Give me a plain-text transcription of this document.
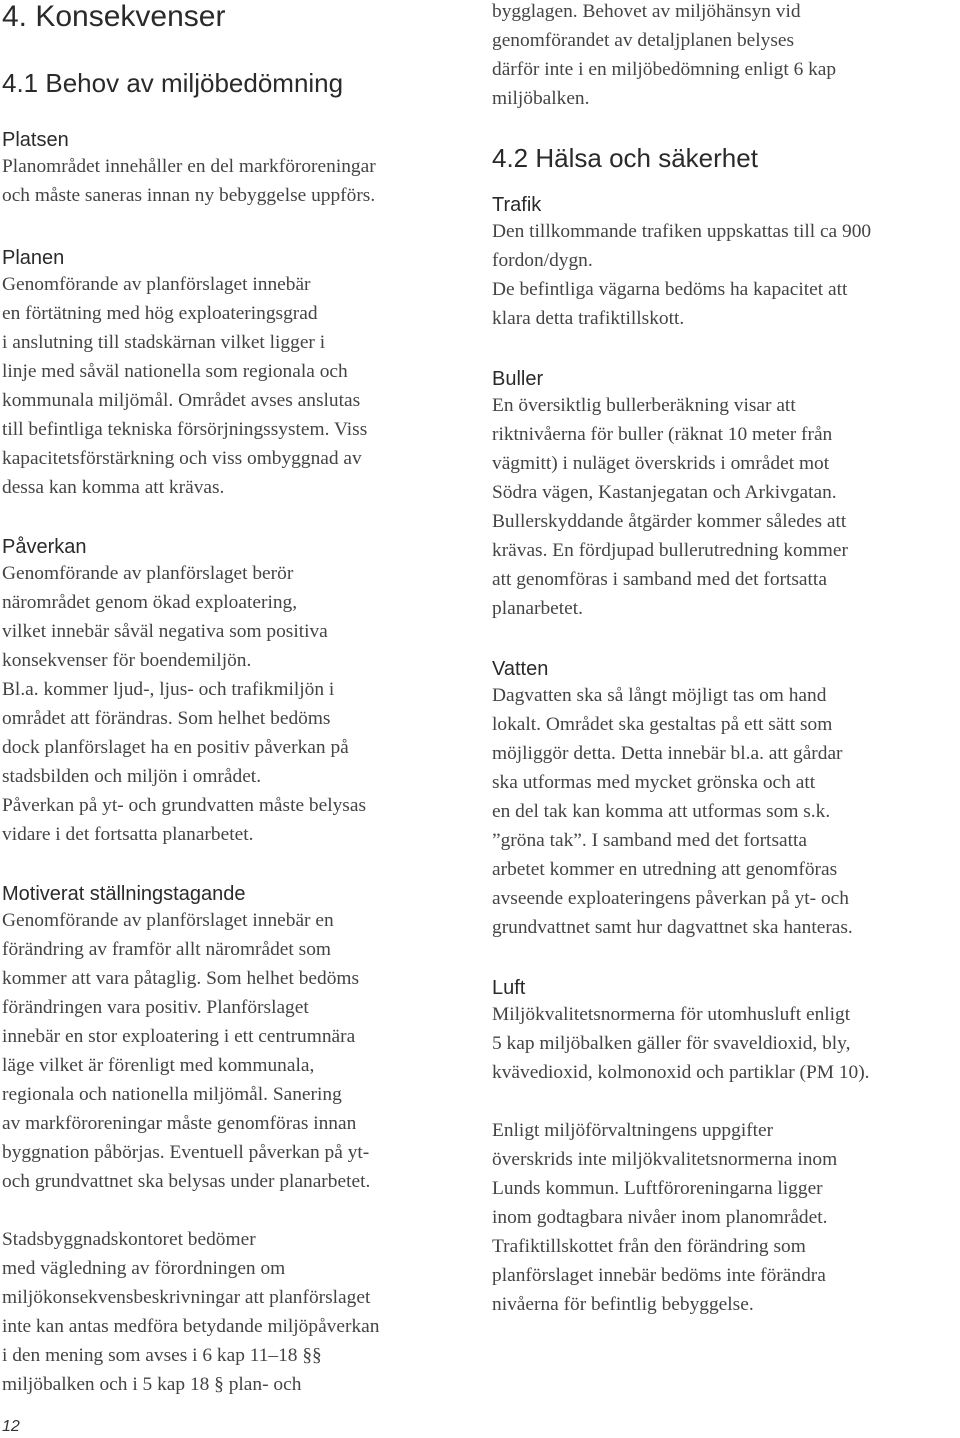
4. Konsekvenser
4.1 Behov av miljöbedömning
Platsen

Planområdet innehåller en del markföroreningar
och måste saneras innan ny bebyggelse uppförs.

Planen

Genomförande av planförslaget innebär
en förtätning med hög exploateringsgrad
i anslutning till stadskärnan vilket ligger i
linje med såväl nationella som regionala och
kommunala miljömål. Området avses anslutas
till befintliga tekniska försörjningssystem. Viss
kapacitetsförstärkning och viss ombyggnad av
dessa kan komma att krävas.

Påverkan

Genomförande av planförslaget berör
närområdet genom ökad exploatering,
vilket innebär såväl negativa som positiva
konsekvenser för boendemiljön.
Bl.a. kommer ljud-, ljus- och trafikmiljön i
området att förändras. Som helhet bedöms
dock planförslaget ha en positiv påverkan på
stadsbilden och miljön i området.
Påverkan på yt- och grundvatten måste belysas
vidare i det fortsatta planarbetet.

Motiverat ställningstagande

Genomförande av planförslaget innebär en
förändring av framför allt närområdet som
kommer att vara påtaglig. Som helhet bedöms
förändringen vara positiv. Planförslaget
innebär en stor exploatering i ett centrumnära
läge vilket är förenligt med kommunala,
regionala och nationella miljömål. Sanering
av markföroreningar måste genomföras innan
byggnation påbörjas. Eventuell påverkan på yt-
och grundvattnet ska belysas under planarbetet.

Stadsbyggnadskontoret bedömer
med vägledning av förordningen om
miljökonsekvensbeskrivningar att planförslaget
inte kan antas medföra betydande miljöpåverkan
i den mening som avses i 6 kap 11–18 §§
miljöbalken och i 5 kap 18 § plan- och

bygglagen. Behovet av miljöhänsyn vid
genomförandet av detaljplanen belyses
därför inte i en miljöbedömning enligt 6 kap
miljöbalken.

4.2 Hälsa och säkerhet
Trafik

Den tillkommande trafiken uppskattas till ca 900
fordon/dygn.
De befintliga vägarna bedöms ha kapacitet att
klara detta trafiktillskott.

Buller

En översiktlig bullerberäkning visar att
riktnivåerna för buller (räknat 10 meter från
vägmitt) i nuläget överskrids i området mot
Södra vägen, Kastanjegatan och Arkivgatan.
Bullerskyddande åtgärder kommer således att
krävas. En fördjupad bullerutredning kommer
att genomföras i samband med det fortsatta
planarbetet.

Vatten

Dagvatten ska så långt möjligt tas om hand
lokalt. Området ska gestaltas på ett sätt som
möjliggör detta. Detta innebär bl.a. att gårdar
ska utformas med mycket grönska och att
en del tak kan komma att utformas som s.k.
”gröna tak”. I samband med det fortsatta
arbetet kommer en utredning att genomföras
avseende exploateringens påverkan på yt- och
grundvattnet samt hur dagvattnet ska hanteras.

Luft

Miljökvalitetsnormerna för utomhusluft enligt
5 kap miljöbalken gäller för svaveldioxid, bly,
kvävedioxid, kolmonoxid och partiklar (PM 10).

Enligt miljöförvaltningens uppgifter
överskrids inte miljökvalitetsnormerna inom
Lunds kommun. Luftföroreningarna ligger
inom godtagbara nivåer inom planområdet.
Trafiktillskottet från den förändring som
planförslaget innebär bedöms inte förändra
nivåerna för befintlig bebyggelse.

12
